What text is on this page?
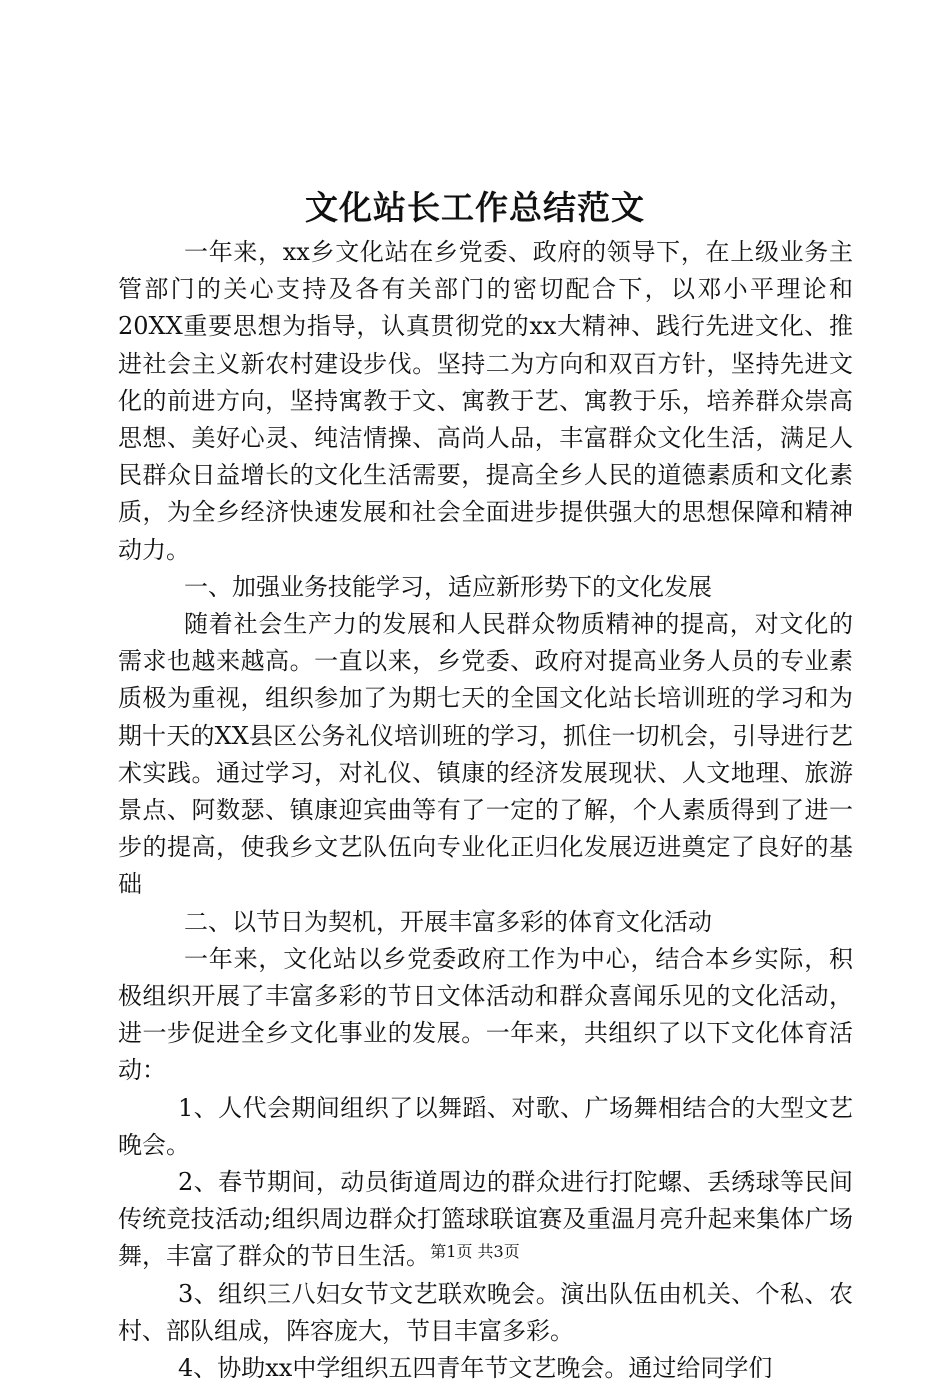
文化站长工作总结范文

一年来，xx乡文化站在乡党委、政府的领导下，在上级业务主管部门的关心支持及各有关部门的密切配合下，以邓小平理论和20XX重要思想为指导，认真贯彻党的xx大精神、践行先进文化、推进社会主义新农村建设步伐。坚持二为方向和双百方针，坚持先进文化的前进方向，坚持寓教于文、寓教于艺、寓教于乐，培养群众崇高思想、美好心灵、纯洁情操、高尚人品，丰富群众文化生活，满足人民群众日益增长的文化生活需要，提高全乡人民的道德素质和文化素质，为全乡经济快速发展和社会全面进步提供强大的思想保障和精神动力。

一、加强业务技能学习，适应新形势下的文化发展

随着社会生产力的发展和人民群众物质精神的提高，对文化的需求也越来越高。一直以来，乡党委、政府对提高业务人员的专业素质极为重视，组织参加了为期七天的全国文化站长培训班的学习和为期十天的XX县区公务礼仪培训班的学习，抓住一切机会，引导进行艺术实践。通过学习，对礼仪、镇康的经济发展现状、人文地理、旅游景点、阿数瑟、镇康迎宾曲等有了一定的了解，个人素质得到了进一步的提高，使我乡文艺队伍向专业化正归化发展迈进奠定了良好的基础

二、以节日为契机，开展丰富多彩的体育文化活动

一年来，文化站以乡党委政府工作为中心，结合本乡实际，积极组织开展了丰富多彩的节日文体活动和群众喜闻乐见的文化活动，进一步促进全乡文化事业的发展。一年来，共组织了以下文化体育活动：

1、人代会期间组织了以舞蹈、对歌、广场舞相结合的大型文艺晚会。

2、春节期间，动员街道周边的群众进行打陀螺、丢绣球等民间传统竞技活动;组织周边群众打篮球联谊赛及重温月亮升起来集体广场舞，丰富了群众的节日生活。

3、组织三八妇女节文艺联欢晚会。演出队伍由机关、个私、农村、部队组成，阵容庞大，节目丰富多彩。

4、协助xx中学组织五四青年节文艺晚会。通过给同学们

第1页 共3页
